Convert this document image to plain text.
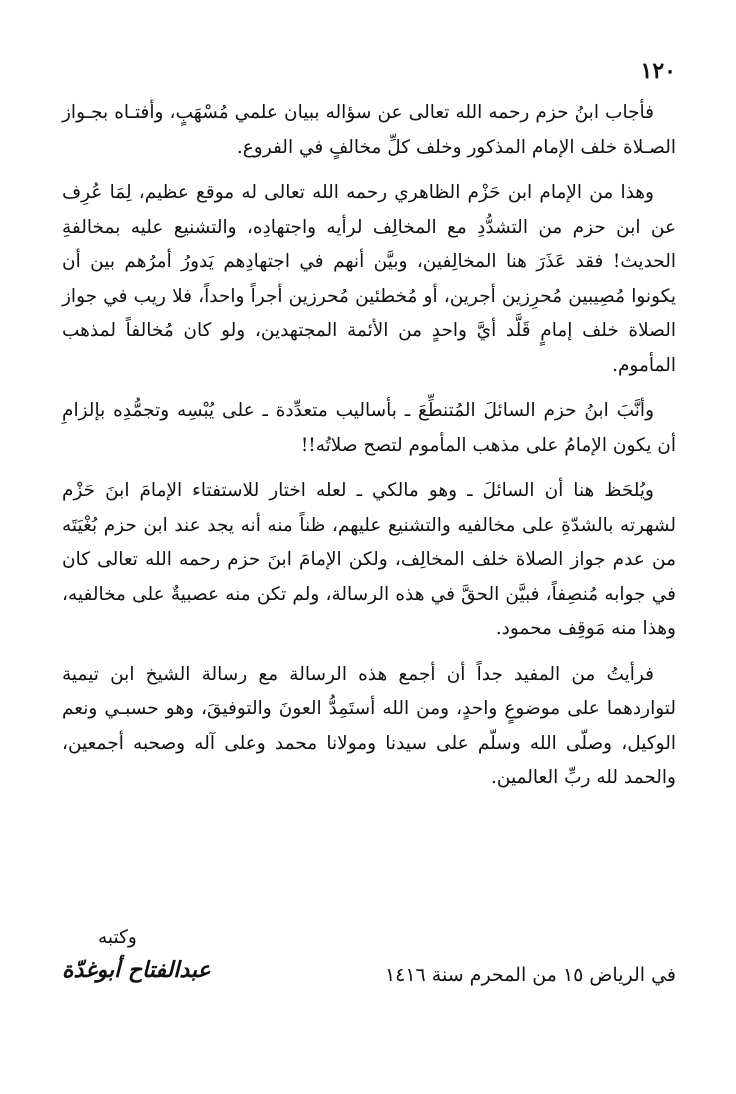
١٢٠

فأجاب ابنُ حزم رحمه الله تعالى عن سؤاله ببيان علمي مُسْهَبٍ، وأفتـاه بجـواز الصـلاة خلف الإمام المذكور وخلف كلِّ مخالفٍ في الفروع.

وهذا من الإمام ابن حَزْم الظاهري رحمه الله تعالى له موقع عظيم، لِمَا عُرِف عن ابن حزم من التشدُّدِ مع المخالِف لرأيه واجتهادِه، والتشنيع عليه بمخالفةِ الحديث! فقد عَذَرَ هنا المخالِفين، وبيَّن أنهم في اجتهادِهم يَدورُ أمرُهم بين أن يكونوا مُصِيبين مُحرِزين أجرين، أو مُخطئين مُحرزين أجراً واحداً، فلا ريب في جواز الصلاة خلف إمامٍ قَلَّد أيَّ واحدٍ من الأئمة المجتهدين، ولو كان مُخالفاً لمذهب المأموم.

وأنَّبَ ابنُ حزم السائلَ المُتنطِّعَ ـ بأساليب متعدِّدة ـ على يُبْسِه وتجمُّدِه بإلزامِ أن يكون الإمامُ على مذهب المأموم لتصح صلاتُه!!

ويُلحَظ هنا أن السائلَ ـ وهو مالكي ـ لعله اختار للاستفتاء الإمامَ ابنَ حَزْم لشهرته بالشدّةِ على مخالفيه والتشنيع عليهم، ظناً منه أنه يجد عند ابن حزم بُغْيَتَه من عدم جواز الصلاة خلف المخالِف، ولكن الإمامَ ابنَ حزم رحمه الله تعالى كان في جوابه مُنصِفاً، فبيَّن الحقَّ في هذه الرسالة، ولم تكن منه عصبيةٌ على مخالفيه، وهذا منه مَوقِف محمود.

فرأيتُ من المفيد جداً أن أجمع هذه الرسالة مع رسالة الشيخ ابن تيمية لتواردهما على موضوعٍ واحدٍ، ومن الله أستَمِدُّ العونَ والتوفيقَ، وهو حسبـي ونعم الوكيل، وصلّى الله وسلّم على سيدنا ومولانا محمد وعلى آله وصحبه أجمعين، والحمد لله ربِّ العالمين.

وكتبه
عبدالفتاح أبوغدّة	في الرياض ١٥ من المحرم سنة ١٤١٦
